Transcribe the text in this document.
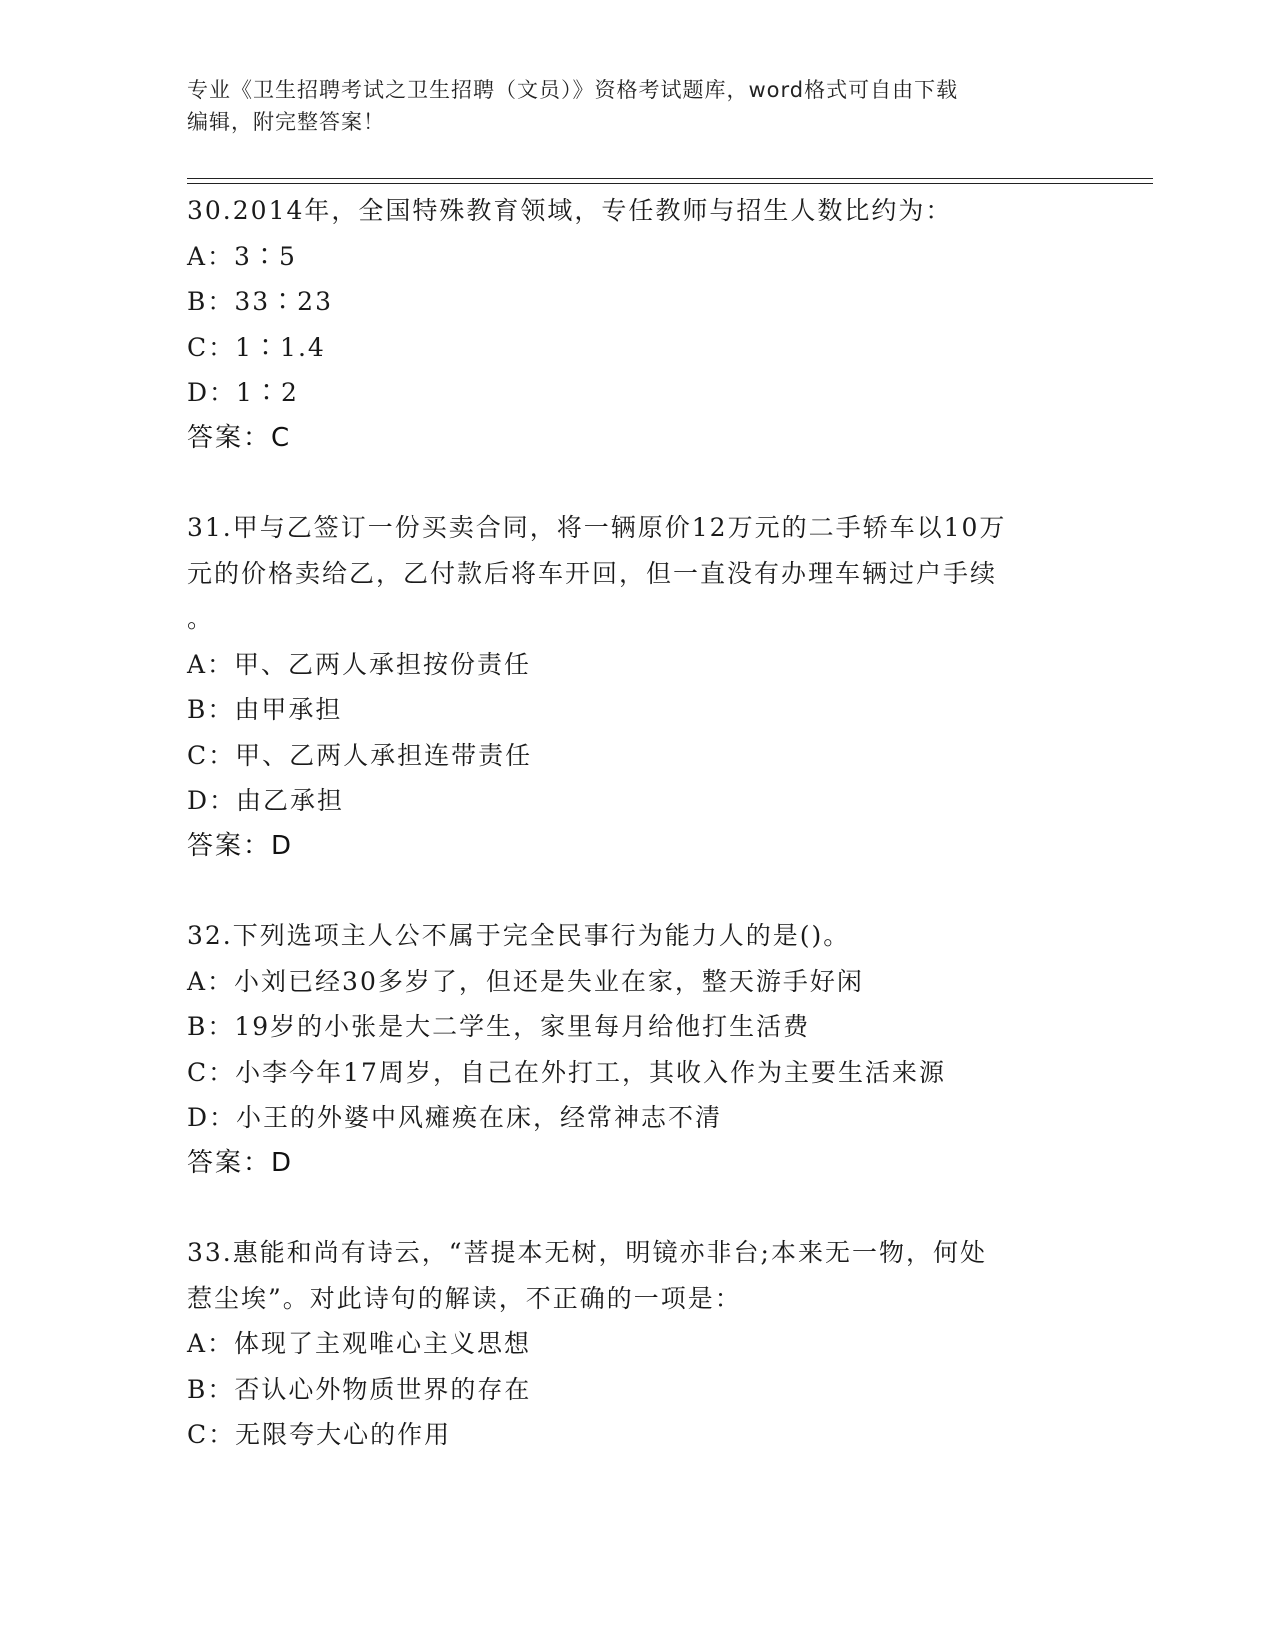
专业《卫生招聘考试之卫生招聘（文员）》资格考试题库，word格式可自由下载
编辑，附完整答案！
30.2014年，全国特殊教育领域，专任教师与招生人数比约为：
A：3∶5
B：33∶23
C：1∶1.4
D：1∶2
答案：C
31.甲与乙签订一份买卖合同，将一辆原价12万元的二手轿车以10万
元的价格卖给乙，乙付款后将车开回，但一直没有办理车辆过户手续
。
A：甲、乙两人承担按份责任
B：由甲承担
C：甲、乙两人承担连带责任
D：由乙承担
答案：D
32.下列选项主人公不属于完全民事行为能力人的是()。
A：小刘已经30多岁了，但还是失业在家，整天游手好闲
B：19岁的小张是大二学生，家里每月给他打生活费
C：小李今年17周岁，自己在外打工，其收入作为主要生活来源
D：小王的外婆中风瘫痪在床，经常神志不清
答案：D
33.惠能和尚有诗云，“菩提本无树，明镜亦非台;本来无一物，何处
惹尘埃”。对此诗句的解读，不正确的一项是：
A：体现了主观唯心主义思想
B：否认心外物质世界的存在
C：无限夸大心的作用
